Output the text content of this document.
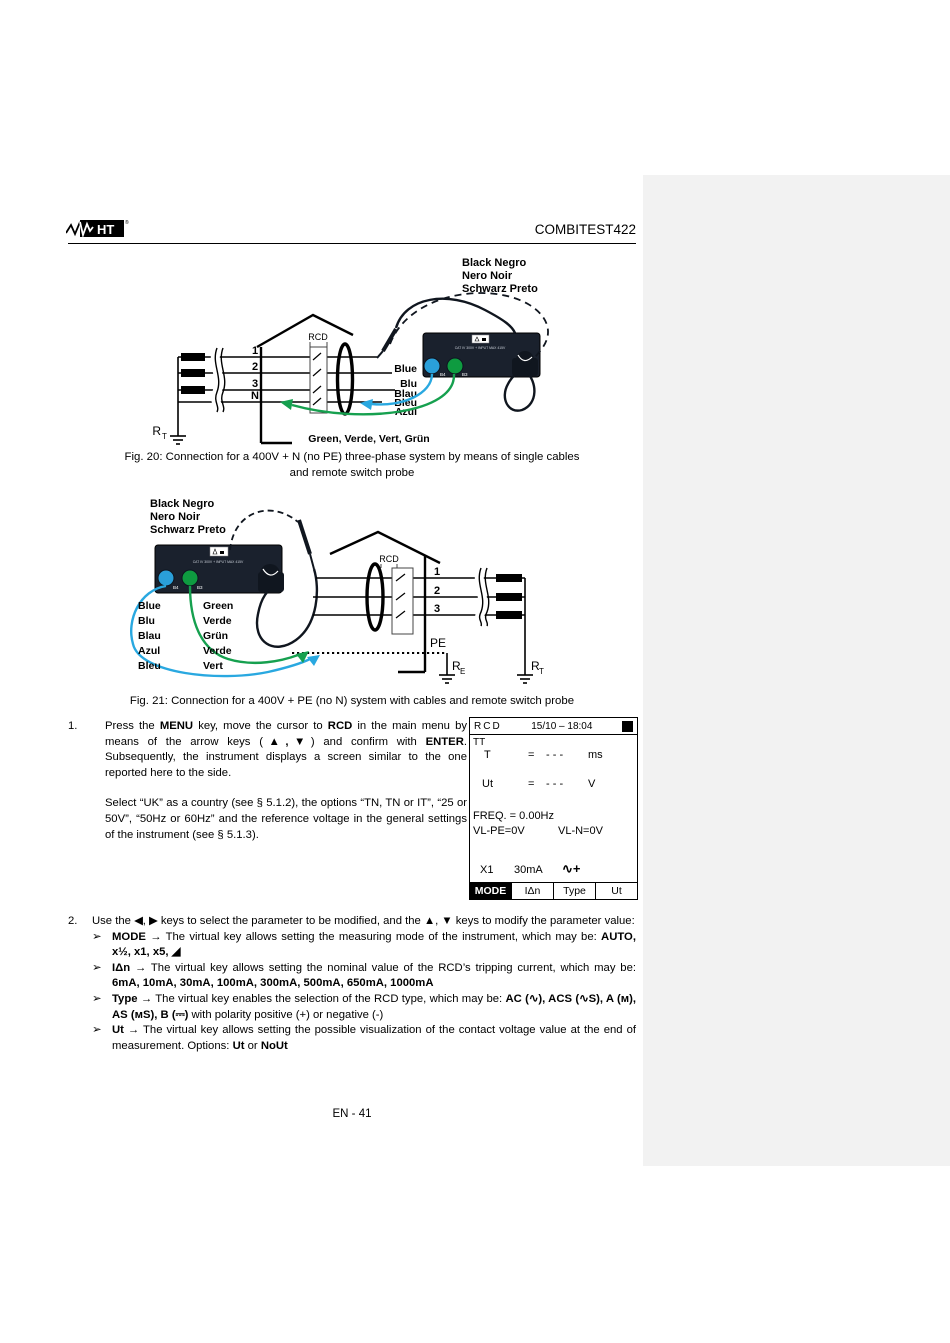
HT ®	COMBITEST422
Black Negro
Nero Noir
Schwarz Preto
R T
1
2
3
N
RCD
Blue
Blu
Blau
Bleu
Azul
CAT IV 300V + INPUT MAX 415V
B4	B3
Green, Verde, Vert, Grün
Fig. 20: Connection for a 400V + N (no PE) three-phase system by means of single cables
and remote switch probe
Black Negro
Nero Noir
Schwarz Preto
CAT IV 300V + INPUT MAX 415V
B4	B3
1
2
3
RCD
PE
R E	R T
Blue
Blu
Blau
Azul
Bleu
Green
Verde
Grün
Verde
Vert
Fig. 21: Connection for a 400V + PE (no N) system with cables and remote switch probe
1.	Press the MENU key, move the cursor to RCD in the main menu by means of the arrow keys (▲,▼) and confirm with ENTER. Subsequently, the instrument displays a screen similar to the one reported here to the side.
Select “UK” as a country (see § 5.1.2), the options “TN, TN or IT”, “25 or 50V”, “50Hz or 60Hz” and the reference voltage in the general settings of the instrument (see § 5.1.3).
RCD	15/10 – 18:04
TT
T	= - - - ms
Ut	= - - - V
FREQ. = 0.00Hz
VL-PE=0V	VL-N=0V
X1 30mA ∿+
MODE	IΔn	Type	Ut
2.	Use the ◀, ▶ keys to select the parameter to be modified, and the ▲, ▼ keys to modify the parameter value:
➢ MODE → The virtual key allows setting the measuring mode of the instrument, which may be: AUTO, x½, x1, x5, ◢
➢ IΔn → The virtual key allows setting the nominal value of the RCD’s tripping current, which may be: 6mA, 10mA, 30mA, 100mA, 300mA, 500mA, 650mA, 1000mA
➢ Type → The virtual key enables the selection of the RCD type, which may be: AC (∿), ACS (∿S), A (ᴍ), AS (ᴍS), B (⎓) with polarity positive (+) or negative (-)
➢ Ut → The virtual key allows setting the possible visualization of the contact voltage value at the end of measurement. Options: Ut or NoUt
EN - 41
